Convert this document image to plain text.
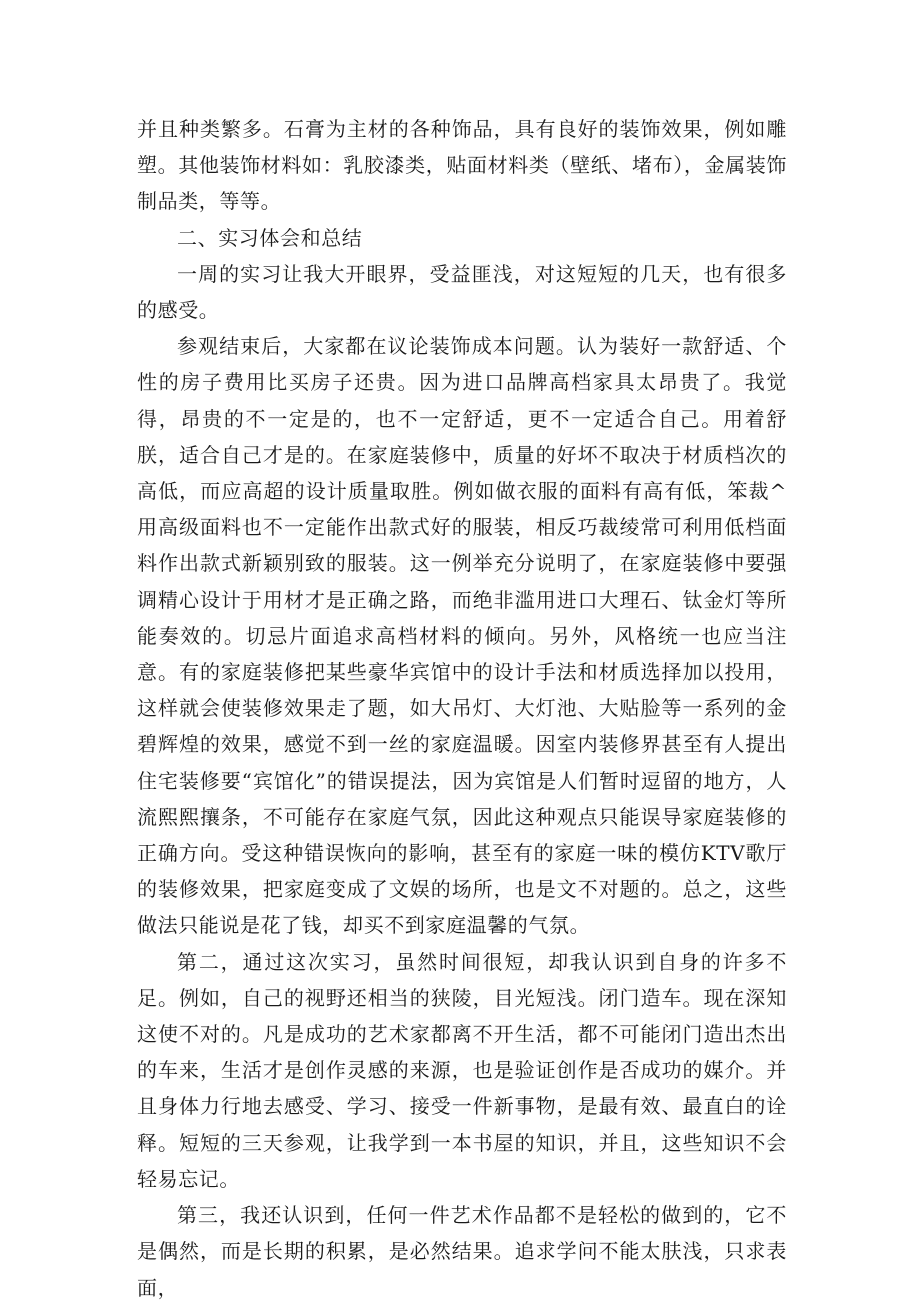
并且种类繁多。石膏为主材的各种饰品，具有良好的装饰效果，例如雕塑。其他装饰材料如：乳胶漆类，贴面材料类（壁纸、堵布），金属装饰制品类，等等。

二、实习体会和总结

一周的实习让我大开眼界，受益匪浅，对这短短的几天，也有很多的感受。

参观结束后，大家都在议论装饰成本问题。认为装好一款舒适、个性的房子费用比买房子还贵。因为进口品牌高档家具太昂贵了。我觉得，昂贵的不一定是的，也不一定舒适，更不一定适合自己。用着舒朕，适合自己才是的。在家庭装修中，质量的好坏不取决于材质档次的高低，而应高超的设计质量取胜。例如做衣服的面料有高有低，笨裁^用高级面料也不一定能作出款式好的服装，相反巧裁绫常可利用低档面料作出款式新颖别致的服装。这一例举充分说明了，在家庭装修中要强调精心设计于用材才是正确之路，而绝非滥用进口大理石、钛金灯等所能奏效的。切忌片面追求高档材料的倾向。另外，风格统一也应当注意。有的家庭装修把某些豪华宾馆中的设计手法和材质选择加以投用，这样就会使装修效果走了题，如大吊灯、大灯池、大贴脸等一系列的金碧辉煌的效果，感觉不到一丝的家庭温暖。因室内装修界甚至有人提出住宅装修要“宾馆化”的错误提法，因为宾馆是人们暂时逗留的地方，人流熙熙攘条，不可能存在家庭气氛，因此这种观点只能误导家庭装修的正确方向。受这种错误恢向的影响，甚至有的家庭一味的模仿KTV歌厅的装修效果，把家庭变成了文娱的场所，也是文不对题的。总之，这些做法只能说是花了钱，却买不到家庭温馨的气氛。

第二，通过这次实习，虽然时间很短，却我认识到自身的许多不足。例如，自己的视野还相当的狭陵，目光短浅。闭门造车。现在深知这使不对的。凡是成功的艺术家都离不开生活，都不可能闭门造出杰出的车来，生活才是创作灵感的来源，也是验证创作是否成功的媒介。并且身体力行地去感受、学习、接受一件新事物，是最有效、最直白的诠释。短短的三天参观，让我学到一本书屋的知识，并且，这些知识不会轻易忘记。

第三，我还认识到，任何一件艺术作品都不是轻松的做到的，它不是偶然，而是长期的积累，是必然结果。追求学问不能太肤浅，只求表面，
